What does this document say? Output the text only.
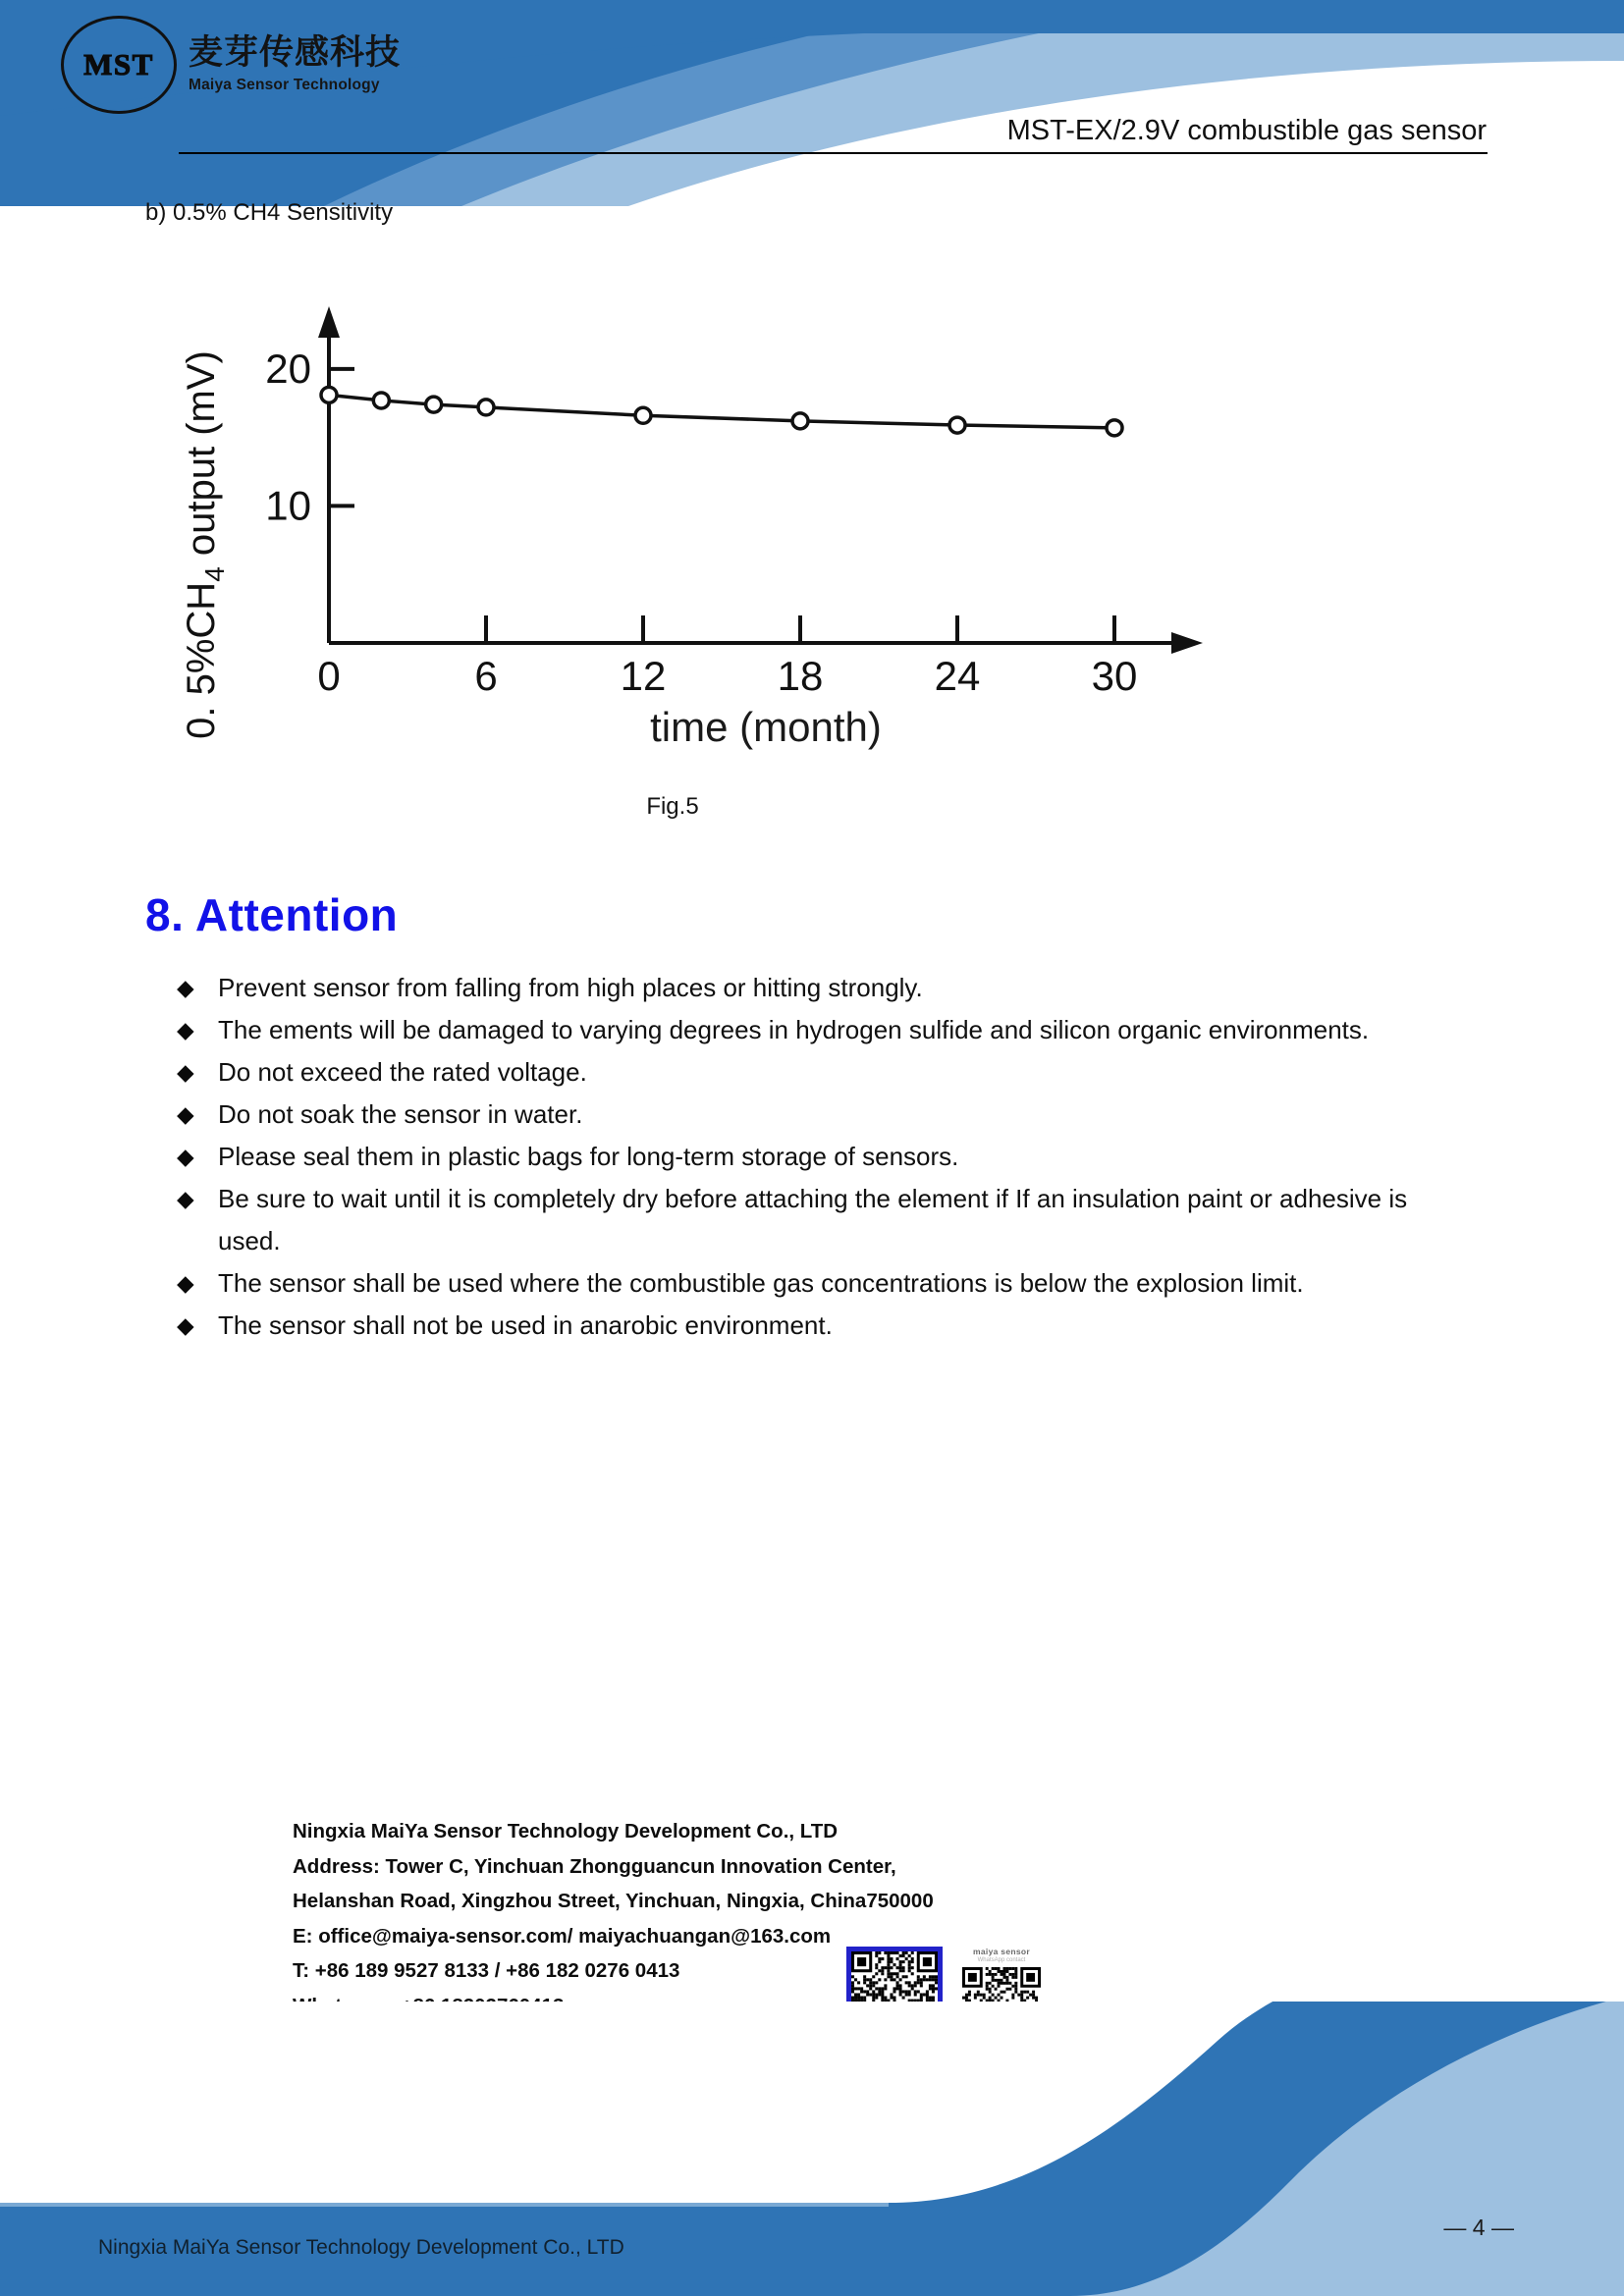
MST	麦芽传感科技
Maiya Sensor Technology
MST-EX/2.9V combustible gas sensor
b) 0.5% CH4 Sensitivity
0. $5\%CH_4$ output (mV) 10
20
0	6	12	18	24	30
time (month)
Fig.5
8. Attention
◆ Prevent sensor from falling from high places or hitting strongly.
◆ The ements will be damaged to varying degrees in hydrogen sulfide and silicon organic environments.
◆ Do not exceed the rated voltage.
◆ Do not soak the sensor in water.
◆ Please seal them in plastic bags for long-term storage of sensors.
◆ Be sure to wait until it is completely dry before attaching the element if If an insulation paint or adhesive is used.
◆ The sensor shall be used where the combustible gas concentrations is below the explosion limit.
◆ The sensor shall not be used in anarobic environment.
Ningxia MaiYa Sensor Technology Development Co., LTD
Address: Tower C, Yinchuan Zhongguancun Innovation Center,
Helanshan Road, Xingzhou Street, Yinchuan, Ningxia, China750000
E: office@maiya-sensor.com/ maiyachuangan@163.com
T: +86 189 9527 8133 / +86 182 0276 0413
maiya sensor
WhatsApp contact
Ningxia MaiYa Sensor Technology Development Co., LTD
— 4 —
